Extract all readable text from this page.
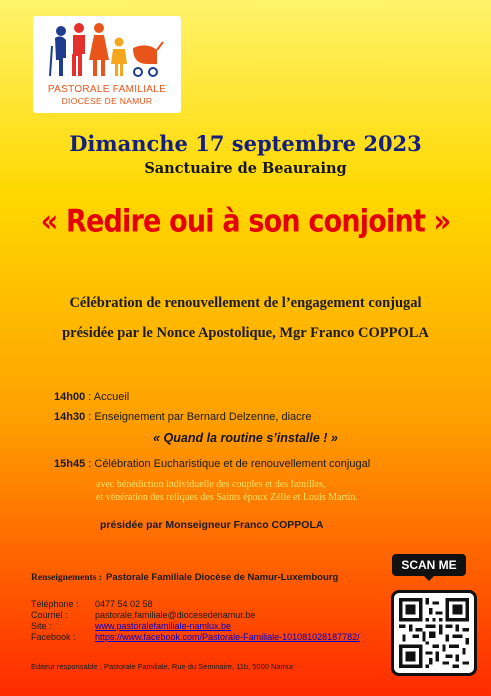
PASTORALE FAMILIALE
DIOCÈSE DE NAMUR
Dimanche 17 septembre 2023
Sanctuaire de Beauraing
« Redire oui à son conjoint »
Célébration de renouvellement de l’engagement conjugal
présidée par le Nonce Apostolique, Mgr Franco COPPOLA
14h00 : Accueil
14h30 : Enseignement par Bernard Delzenne, diacre
« Quand la routine s’installe ! »
15h45 : Célébration Eucharistique et de renouvellement conjugal
avec bénédiction individuelle des couples et des familles,
et vénération des reliques des Saints époux Zélie et Louis Martin.
présidée par Monseigneur Franco COPPOLA
SCAN ME
Renseignements : Pastorale Familiale Diocèse de Namur-Luxembourg
Téléphone : 0477 54 02 58
Courriel :	pastorale.familiale@diocesedenamur.be
Site :	www.pastoralefamiliale-namlux.be
Facebook : https://www.facebook.com/Pastorale-Familiale-101081028187782/
Editeur responsable : Pastorale Familiale, Rue du Séminaire, 11b, 5000 Namur
